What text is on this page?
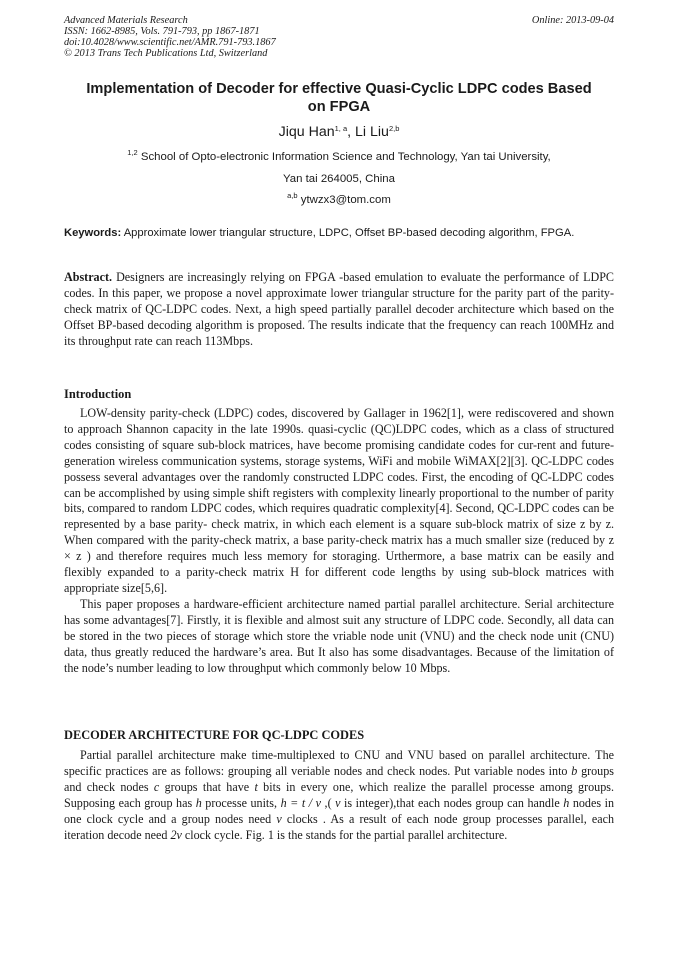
Advanced Materials Research
ISSN: 1662-8985, Vols. 791-793, pp 1867-1871
doi:10.4028/www.scientific.net/AMR.791-793.1867
© 2013 Trans Tech Publications Ltd, Switzerland
Online: 2013-09-04
Implementation of Decoder for effective Quasi-Cyclic LDPC codes Based
on FPGA
Jiqu Han$^{1, a}$, Li Liu$^{2,b}$
$^{1,2}$ School of Opto-electronic Information Science and Technology, Yan tai University,
Yan tai 264005, China
$^{a,b}$ ytwzx3@tom.com
Keywords: Approximate lower triangular structure, LDPC, Offset BP-based decoding algorithm, FPGA.

Abstract. Designers are increasingly relying on FPGA -based emulation to evaluate the performance of LDPC codes. In this paper, we propose a novel approximate lower triangular structure for the parity part of the parity-check matrix of QC-LDPC codes. Next, a high speed partially parallel decoder architecture which based on the Offset BP-based decoding algorithm is proposed. The results indicate that the frequency can reach 100MHz and its throughput rate can reach 113Mbps.

Introduction

LOW-density parity-check (LDPC) codes, discovered by Gallager in 1962[1], were rediscovered and shown to approach Shannon capacity in the late 1990s. quasi-cyclic (QC)LDPC codes, which as a class of structured codes consisting of square sub-block matrices, have become promising candidate codes for cur-rent and future-generation wireless communication systems, storage systems, WiFi and mobile WiMAX[2][3]. QC-LDPC codes possess several advantages over the randomly constructed LDPC codes. First, the encoding of QC-LDPC codes can be accomplished by using simple shift registers with complexity linearly proportional to the number of parity bits, compared to random LDPC codes, which requires quadratic complexity[4]. Second, QC-LDPC codes can be represented by a base parity- check matrix, in which each element is a square sub-block matrix of size z by z. When compared with the parity-check matrix, a base parity-check matrix has a much smaller size (reduced by z × z ) and therefore requires much less memory for storaging. Urthermore, a base matrix can be easily and flexibly expanded to a parity-check matrix H for different code lengths by using sub-block matrices with appropriate size[5,6].

This paper proposes a hardware-efficient architecture named partial parallel architecture. Serial architecture has some advantages[7]. Firstly, it is flexible and almost suit any structure of LDPC code. Secondly, all data can be stored in the two pieces of storage which store the vriable node unit (VNU) and the check node unit (CNU) data, thus greatly reduced the hardware’s area. But It also has some disadvantages. Because of the limitation of the node’s number leading to low throughput which commonly below 10 Mbps.

DECODER ARCHITECTURE FOR QC-LDPC CODES

Partial parallel architecture make time-multiplexed to CNU and VNU based on parallel architecture. The specific practices are as follows: grouping all veriable nodes and check nodes. Put variable nodes into b groups and check nodes c groups that have t bits in every one, which realize the parallel processe among groups. Supposing each group has h processe units, h = t / v ,( v is integer),that each nodes group can handle h nodes in one clock cycle and a group nodes need v clocks . As a result of each node group processes parallel, each iteration decode need 2v clock cycle. Fig. 1 is the stands for the partial parallel architecture.
